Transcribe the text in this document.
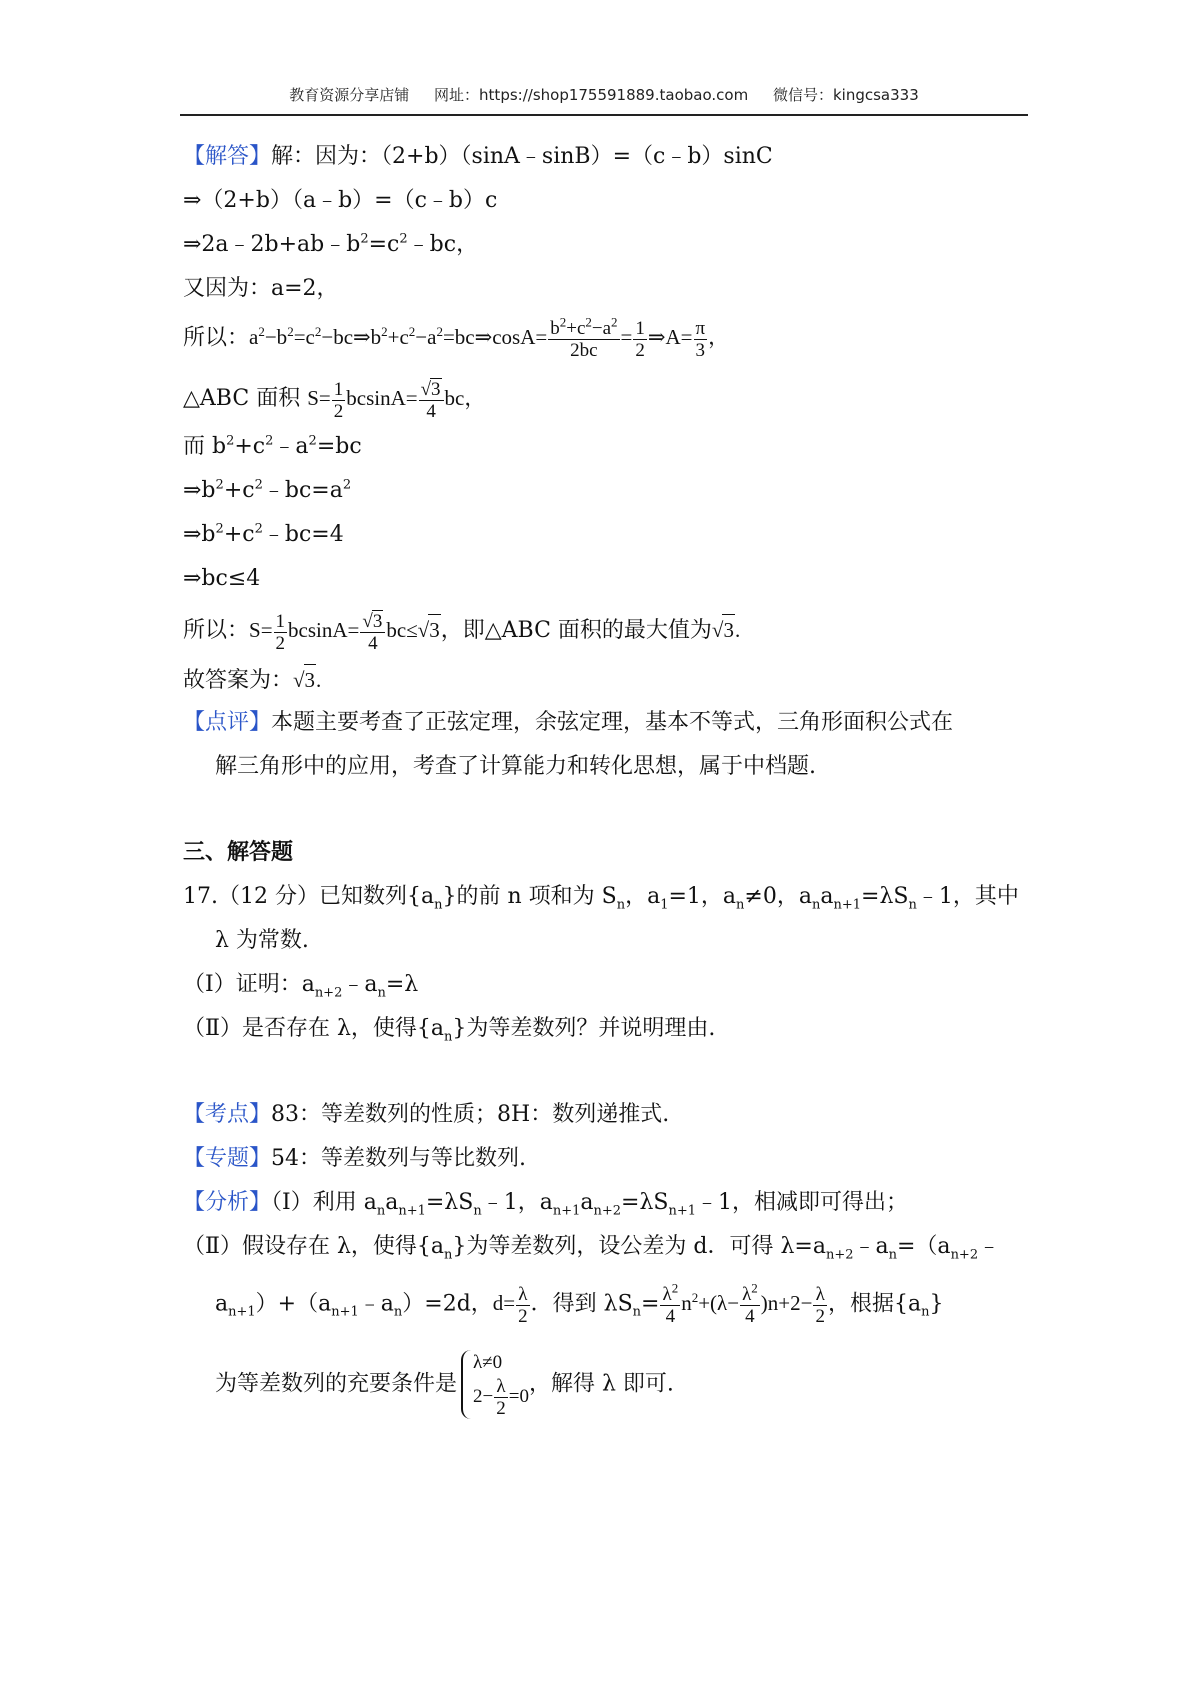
教育资源分享店铺 网址：https://shop175591889.taobao.com 微信号：kingcsa333
【解答】解：因为：（2+b）（sinA﹣sinB）=（c﹣b）sinC
⇒（2+b）（a﹣b）=（c﹣b）c
$\Rightarrow 2a﹣2b+ab﹣b^2=c^2﹣bc$，
又因为：a=2，
所以：$a^2-b^2=c^2-bc\Rightarrow b^2+c^2-a^2=bc\Rightarrow\cos A= \frac{b^2+c^2-a^2}{2bc} = \frac{1}{2}$ ⇒A= $\frac{\pi}{3}$ ，
△ABC 面积 $S= \frac{1}{2} bcsinA= \frac{√3}{4}$ bc，
而 $b^2+c^2﹣a^2=bc$
$\Rightarrow b^2+c^2﹣bc=a^2$
$\Rightarrow b^2+c^2﹣bc=4$
⇒bc≤4
所以：$S= \frac{1}{2} bcsinA= \frac{√3}{4} bc\le√3$，即△ABC 面积的最大值为√3.
故答案为：√3.
【点评】本题主要考查了正弦定理，余弦定理，基本不等式，三角形面积公式在
解三角形中的应用，考查了计算能力和转化思想，属于中档题.
三、解答题
17.（12 分）已知数列$\{a_n\}$的前 n 项和为 $S_n$，$a_1=1$，$a_n\ne 0$，$a_na_{n+1}=\lambda S_n﹣1$，其中
λ 为常数.
（Ⅰ）证明：$a_{n+2}﹣a_n=\lambda$
（Ⅱ）是否存在 λ，使得$\{a_n\}$为等差数列？并说明理由.
【考点】83：等差数列的性质；8H：数列递推式.
【专题】54：等差数列与等比数列.
【分析】（Ⅰ）利用 $a_na_{n+1}=\lambda S_n﹣1$，$a_{n+1}a_{n+2}=\lambda S_{n+1}﹣1$，相减即可得出；
（Ⅱ）假设存在 λ，使得$\{a_n\}$为等差数列，设公差为 d．可得 $\lambda=a_{n+2}﹣a_n=(a_{n+2}﹣$
$a_{n+1})+(a_{n+1}﹣a_n)=2d$，$d= \frac{\lambda}{2}$ ．得到 $\lambda S_n= \frac{\lambda^2}{4} n^2+(\lambda- \frac{\lambda^2}{4} )n+2- \frac{\lambda}{2}$ ，根据$\{a_n\}$
为等差数列的充要条件是
λ≠0
$2- \frac{\lambda}{2} =0$ ，解得 λ 即可.
